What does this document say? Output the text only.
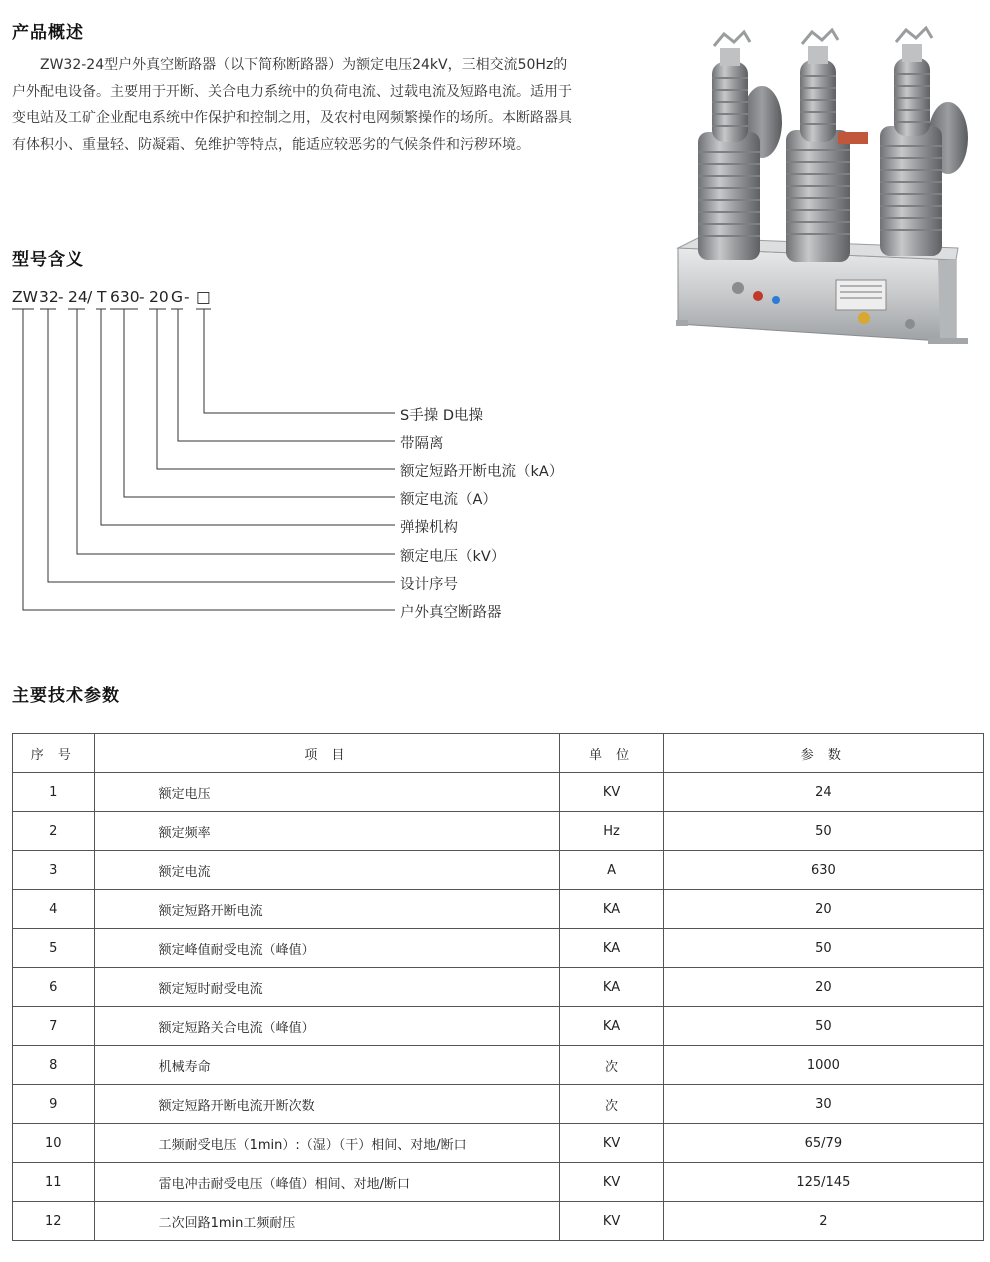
产品概述

ZW32-24型户外真空断路器（以下简称断路器）为额定电压24kV，三相交流50Hz的户外配电设备。主要用于开断、关合电力系统中的负荷电流、过载电流及短路电流。适用于变电站及工矿企业配电系统中作保护和控制之用，及农村电网频繁操作的场所。本断路器具有体积小、重量轻、防凝霜、免维护等特点，能适应较恶劣的气候条件和污秽环境。

型号含义
ZW 32 - 24 / T 630 - 20 G - □
S手操 D电操
带隔离
额定短路开断电流（kA）
额定电流（A）
弹操机构
额定电压（kV）
设计序号
户外真空断路器
主要技术参数
序 号	项 目	单 位	参 数
1	额定电压	KV	24
2	额定频率	Hz	50
3	额定电流	A	630
4	额定短路开断电流	KA	20
5	额定峰值耐受电流（峰值）	KA	50
6	额定短时耐受电流	KA	20
7	额定短路关合电流（峰值）	KA	50
8	机械寿命	次	1000
9	额定短路开断电流开断次数	次	30
10	工频耐受电压（1min）:（湿）（干）相间、对地/断口	KV	65/79
11	雷电冲击耐受电压（峰值）相间、对地/断口	KV	125/145
12	二次回路1min工频耐压	KV	2
